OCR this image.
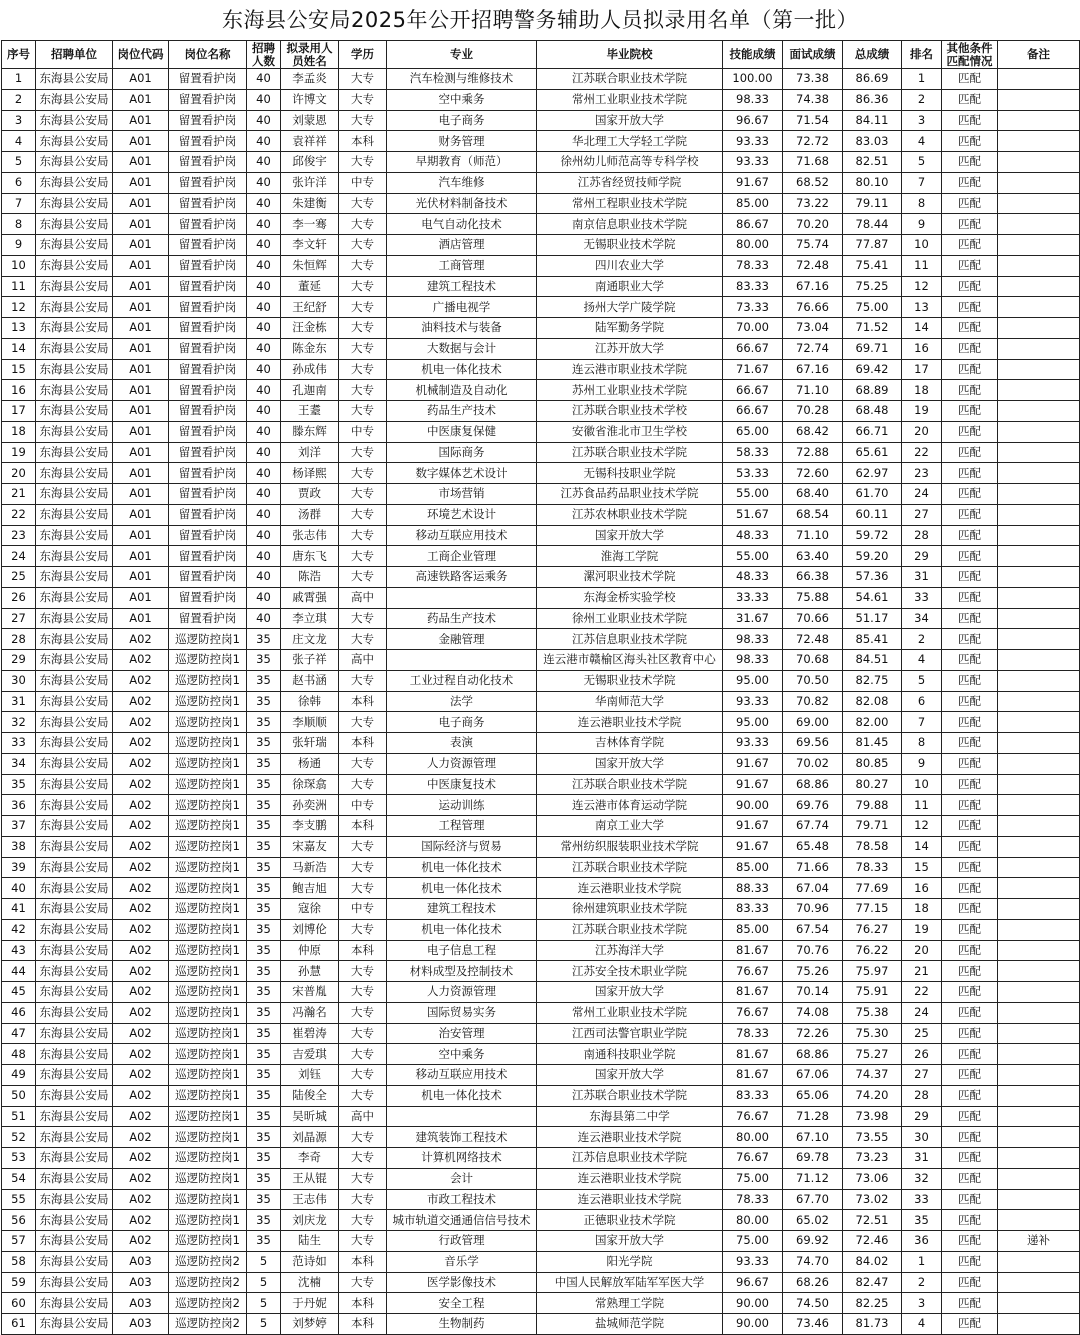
东海县公安局2025年公开招聘警务辅助人员拟录用名单（第一批）
序号	招聘单位	岗位代码	岗位名称	招聘人数	拟录用人员姓名	学历	专业	毕业院校	技能成绩	面试成绩	总成绩	排名	其他条件匹配情况	备注
1	东海县公安局	A01	留置看护岗	40	李孟炎	大专	汽车检测与维修技术	江苏联合职业技术学院	100.00	73.38	86.69	1	匹配	
2	东海县公安局	A01	留置看护岗	40	许博文	大专	空中乘务	常州工业职业技术学院	98.33	74.38	86.36	2	匹配	
3	东海县公安局	A01	留置看护岗	40	刘蒙恩	大专	电子商务	国家开放大学	96.67	71.54	84.11	3	匹配	
4	东海县公安局	A01	留置看护岗	40	袁祥祥	本科	财务管理	华北理工大学轻工学院	93.33	72.72	83.03	4	匹配	
5	东海县公安局	A01	留置看护岗	40	邱俊宇	大专	早期教育（师范）	徐州幼儿师范高等专科学校	93.33	71.68	82.51	5	匹配	
6	东海县公安局	A01	留置看护岗	40	张许洋	中专	汽车维修	江苏省经贸技师学院	91.67	68.52	80.10	7	匹配	
7	东海县公安局	A01	留置看护岗	40	朱建衡	大专	光伏材料制备技术	常州工程职业技术学院	85.00	73.22	79.11	8	匹配	
8	东海县公安局	A01	留置看护岗	40	李一骞	大专	电气自动化技术	南京信息职业技术学院	86.67	70.20	78.44	9	匹配	
9	东海县公安局	A01	留置看护岗	40	李文轩	大专	酒店管理	无锡职业技术学院	80.00	75.74	77.87	10	匹配	
10	东海县公安局	A01	留置看护岗	40	朱恒辉	大专	工商管理	四川农业大学	78.33	72.48	75.41	11	匹配	
11	东海县公安局	A01	留置看护岗	40	董延	大专	建筑工程技术	南通职业大学	83.33	67.16	75.25	12	匹配	
12	东海县公安局	A01	留置看护岗	40	王纪舒	大专	广播电视学	扬州大学广陵学院	73.33	76.66	75.00	13	匹配	
13	东海县公安局	A01	留置看护岗	40	汪金栋	大专	油料技术与装备	陆军勤务学院	70.00	73.04	71.52	14	匹配	
14	东海县公安局	A01	留置看护岗	40	陈金东	大专	大数据与会计	江苏开放大学	66.67	72.74	69.71	16	匹配	
15	东海县公安局	A01	留置看护岗	40	孙成伟	大专	机电一体化技术	连云港市职业技术学院	71.67	67.16	69.42	17	匹配	
16	东海县公安局	A01	留置看护岗	40	孔迦南	大专	机械制造及自动化	苏州工业职业技术学院	66.67	71.10	68.89	18	匹配	
17	东海县公安局	A01	留置看护岗	40	王耋	大专	药品生产技术	江苏联合职业技术学校	66.67	70.28	68.48	19	匹配	
18	东海县公安局	A01	留置看护岗	40	滕东辉	中专	中医康复保健	安徽省淮北市卫生学校	65.00	68.42	66.71	20	匹配	
19	东海县公安局	A01	留置看护岗	40	刘洋	大专	国际商务	江苏联合职业技术学院	58.33	72.88	65.61	22	匹配	
20	东海县公安局	A01	留置看护岗	40	杨译熙	大专	数字媒体艺术设计	无锡科技职业学院	53.33	72.60	62.97	23	匹配	
21	东海县公安局	A01	留置看护岗	40	贾政	大专	市场营销	江苏食品药品职业技术学院	55.00	68.40	61.70	24	匹配	
22	东海县公安局	A01	留置看护岗	40	汤群	大专	环境艺术设计	江苏农林职业技术学院	51.67	68.54	60.11	27	匹配	
23	东海县公安局	A01	留置看护岗	40	张志伟	大专	移动互联应用技术	国家开放大学	48.33	71.10	59.72	28	匹配	
24	东海县公安局	A01	留置看护岗	40	唐东飞	大专	工商企业管理	淮海工学院	55.00	63.40	59.20	29	匹配	
25	东海县公安局	A01	留置看护岗	40	陈浩	大专	高速铁路客运乘务	漯河职业技术学院	48.33	66.38	57.36	31	匹配	
26	东海县公安局	A01	留置看护岗	40	戚霄强	高中		东海金桥实验学校	33.33	75.88	54.61	33	匹配	
27	东海县公安局	A01	留置看护岗	40	李立琪	大专	药品生产技术	徐州工业职业技术学院	31.67	70.66	51.17	34	匹配	
28	东海县公安局	A02	巡逻防控岗1	35	庄文龙	大专	金融管理	江苏信息职业技术学院	98.33	72.48	85.41	2	匹配	
29	东海县公安局	A02	巡逻防控岗1	35	张子祥	高中		连云港市赣榆区海头社区教育中心	98.33	70.68	84.51	4	匹配	
30	东海县公安局	A02	巡逻防控岗1	35	赵书涵	大专	工业过程自动化技术	无锡职业技术学院	95.00	70.50	82.75	5	匹配	
31	东海县公安局	A02	巡逻防控岗1	35	徐韩	本科	法学	华南师范大学	93.33	70.82	82.08	6	匹配	
32	东海县公安局	A02	巡逻防控岗1	35	李顺顺	大专	电子商务	连云港职业技术学院	95.00	69.00	82.00	7	匹配	
33	东海县公安局	A02	巡逻防控岗1	35	张轩瑞	本科	表演	吉林体育学院	93.33	69.56	81.45	8	匹配	
34	东海县公安局	A02	巡逻防控岗1	35	杨通	大专	人力资源管理	国家开放大学	91.67	70.02	80.85	9	匹配	
35	东海县公安局	A02	巡逻防控岗1	35	徐琛翕	大专	中医康复技术	江苏联合职业技术学院	91.67	68.86	80.27	10	匹配	
36	东海县公安局	A02	巡逻防控岗1	35	孙奕洲	中专	运动训练	连云港市体育运动学院	90.00	69.76	79.88	11	匹配	
37	东海县公安局	A02	巡逻防控岗1	35	李支鹏	本科	工程管理	南京工业大学	91.67	67.74	79.71	12	匹配	
38	东海县公安局	A02	巡逻防控岗1	35	宋嘉友	大专	国际经济与贸易	常州纺织服装职业技术学院	91.67	65.48	78.58	14	匹配	
39	东海县公安局	A02	巡逻防控岗1	35	马新浩	大专	机电一体化技术	江苏联合职业技术学院	85.00	71.66	78.33	15	匹配	
40	东海县公安局	A02	巡逻防控岗1	35	鲍吉旭	大专	机电一体化技术	连云港职业技术学院	88.33	67.04	77.69	16	匹配	
41	东海县公安局	A02	巡逻防控岗1	35	寇徐	中专	建筑工程技术	徐州建筑职业技术学院	83.33	70.96	77.15	18	匹配	
42	东海县公安局	A02	巡逻防控岗1	35	刘博伦	大专	机电一体化技术	江苏联合职业技术学院	85.00	67.54	76.27	19	匹配	
43	东海县公安局	A02	巡逻防控岗1	35	仲原	本科	电子信息工程	江苏海洋大学	81.67	70.76	76.22	20	匹配	
44	东海县公安局	A02	巡逻防控岗1	35	孙慧	大专	材料成型及控制技术	江苏安全技术职业学院	76.67	75.26	75.97	21	匹配	
45	东海县公安局	A02	巡逻防控岗1	35	宋普胤	大专	人力资源管理	国家开放大学	81.67	70.14	75.91	22	匹配	
46	东海县公安局	A02	巡逻防控岗1	35	冯瀚名	大专	国际贸易实务	常州工业职业技术学院	76.67	74.08	75.38	24	匹配	
47	东海县公安局	A02	巡逻防控岗1	35	崔碧涛	大专	治安管理	江西司法警官职业学院	78.33	72.26	75.30	25	匹配	
48	东海县公安局	A02	巡逻防控岗1	35	吉爱琪	大专	空中乘务	南通科技职业学院	81.67	68.86	75.27	26	匹配	
49	东海县公安局	A02	巡逻防控岗1	35	刘钰	大专	移动互联应用技术	国家开放大学	81.67	67.06	74.37	27	匹配	
50	东海县公安局	A02	巡逻防控岗1	35	陆俊全	大专	机电一体化技术	江苏联合职业技术学院	83.33	65.06	74.20	28	匹配	
51	东海县公安局	A02	巡逻防控岗1	35	吴昕城	高中		东海县第二中学	76.67	71.28	73.98	29	匹配	
52	东海县公安局	A02	巡逻防控岗1	35	刘晶源	大专	建筑装饰工程技术	连云港职业技术学院	80.00	67.10	73.55	30	匹配	
53	东海县公安局	A02	巡逻防控岗1	35	李奇	大专	计算机网络技术	江苏信息职业技术学院	76.67	69.78	73.23	31	匹配	
54	东海县公安局	A02	巡逻防控岗1	35	王从锟	大专	会计	连云港职业技术学院	75.00	71.12	73.06	32	匹配	
55	东海县公安局	A02	巡逻防控岗1	35	王志伟	大专	市政工程技术	连云港职业技术学院	78.33	67.70	73.02	33	匹配	
56	东海县公安局	A02	巡逻防控岗1	35	刘庆龙	大专	城市轨道交通通信信号技术	正德职业技术学院	80.00	65.02	72.51	35	匹配	
57	东海县公安局	A02	巡逻防控岗1	35	陆生	大专	行政管理	国家开放大学	75.00	69.92	72.46	36	匹配	递补
58	东海县公安局	A03	巡逻防控岗2	5	范诗如	本科	音乐学	阳光学院	93.33	74.70	84.02	1	匹配	
59	东海县公安局	A03	巡逻防控岗2	5	沈楠	大专	医学影像技术	中国人民解放军陆军军医大学	96.67	68.26	82.47	2	匹配	
60	东海县公安局	A03	巡逻防控岗2	5	于丹妮	本科	安全工程	常熟理工学院	90.00	74.50	82.25	3	匹配	
61	东海县公安局	A03	巡逻防控岗2	5	刘梦婷	本科	生物制药	盐城师范学院	90.00	73.46	81.73	4	匹配	
